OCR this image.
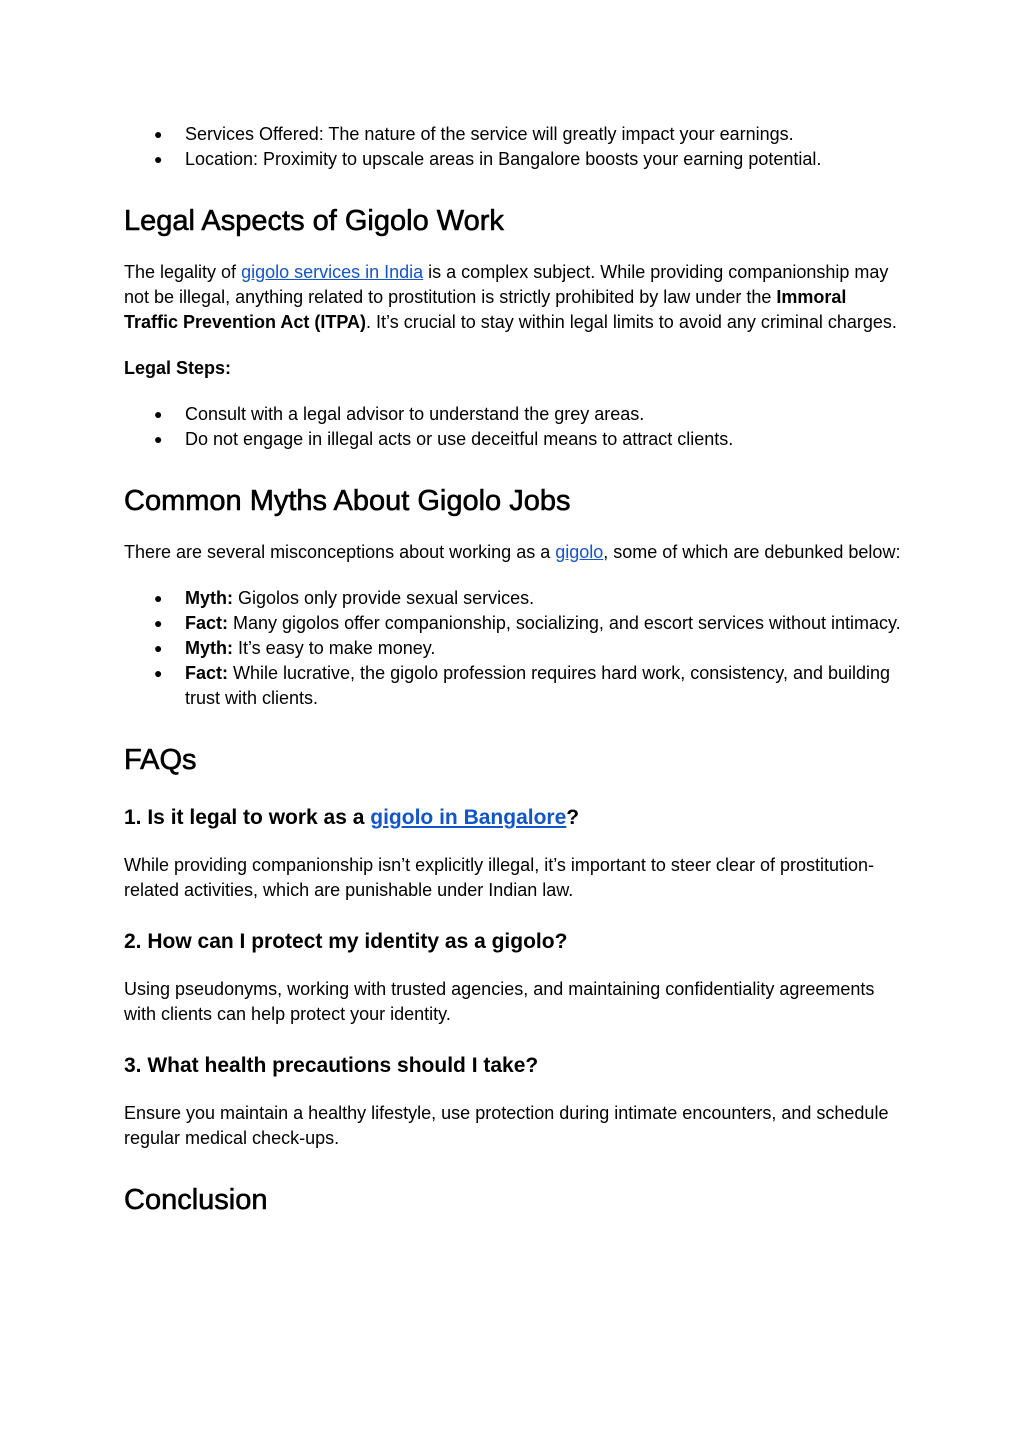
● Services Offered: The nature of the service will greatly impact your earnings.
● Location: Proximity to upscale areas in Bangalore boosts your earning potential.
Legal Aspects of Gigolo Work

The legality of gigolo services in India is a complex subject. While providing companionship may not be illegal, anything related to prostitution is strictly prohibited by law under the Immoral Traffic Prevention Act (ITPA). It’s crucial to stay within legal limits to avoid any criminal charges.

Legal Steps:

● Consult with a legal advisor to understand the grey areas.
● Do not engage in illegal acts or use deceitful means to attract clients.
Common Myths About Gigolo Jobs

There are several misconceptions about working as a gigolo, some of which are debunked below:

● Myth: Gigolos only provide sexual services.
● Fact: Many gigolos offer companionship, socializing, and escort services without intimacy.
● Myth: It’s easy to make money.
● Fact: While lucrative, the gigolo profession requires hard work, consistency, and building trust with clients.
FAQs
1. Is it legal to work as a gigolo in Bangalore?

While providing companionship isn’t explicitly illegal, it’s important to steer clear of prostitution-related activities, which are punishable under Indian law.

2. How can I protect my identity as a gigolo?

Using pseudonyms, working with trusted agencies, and maintaining confidentiality agreements with clients can help protect your identity.

3. What health precautions should I take?

Ensure you maintain a healthy lifestyle, use protection during intimate encounters, and schedule regular medical check-ups.

Conclusion
